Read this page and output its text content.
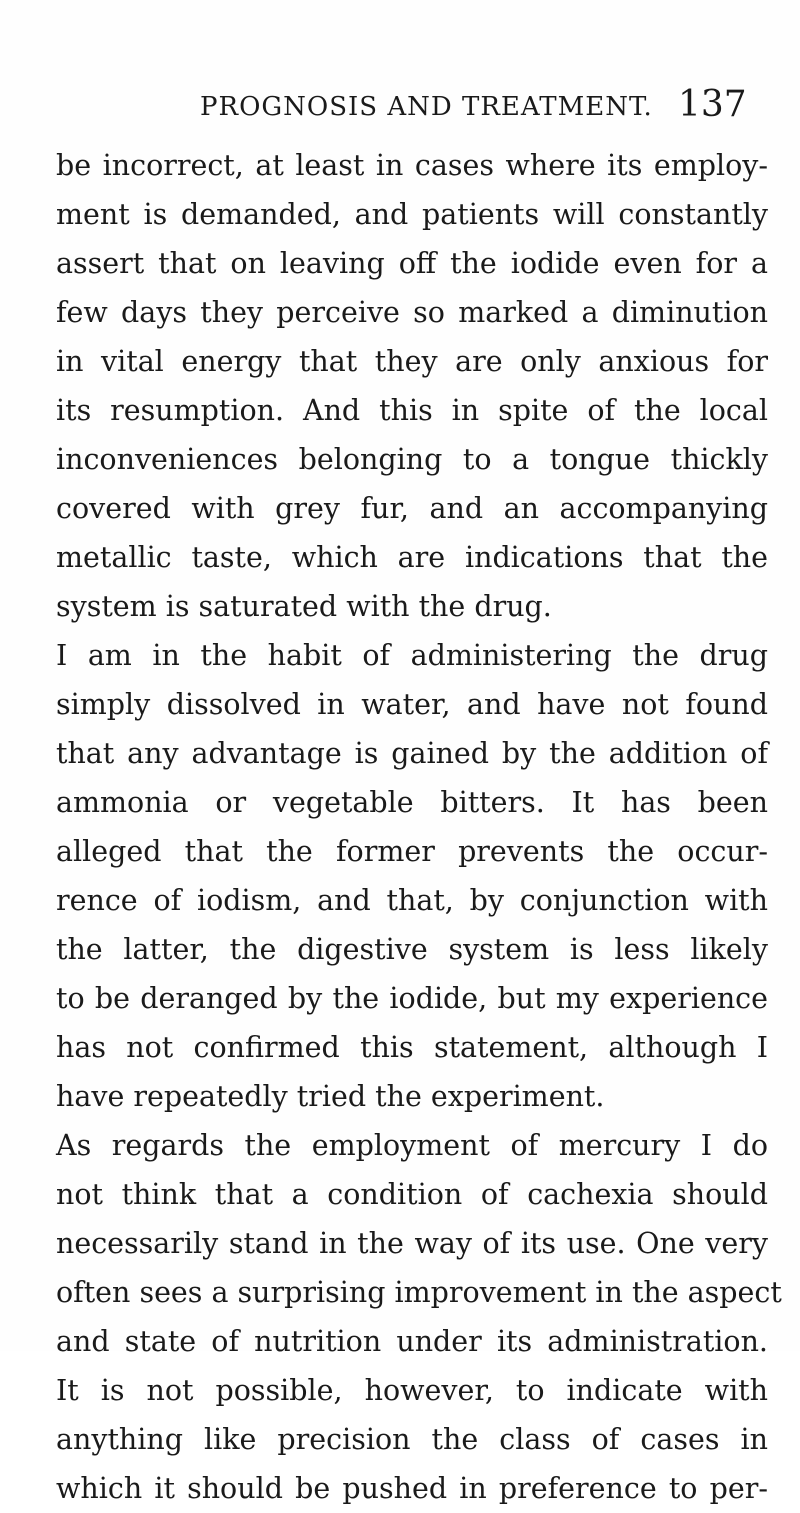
PROGNOSIS AND TREATMENT. 137
be incorrect, at least in cases where its employ-
ment is demanded, and patients will constantly
assert that on leaving off the iodide even for a
few days they perceive so marked a diminution
in vital energy that they are only anxious for
its resumption. And this in spite of the local
inconveniences belonging to a tongue thickly
covered with grey fur, and an accompanying
metallic taste, which are indications that the
system is saturated with the drug.
I am in the habit of administering the drug
simply dissolved in water, and have not found
that any advantage is gained by the addition of
ammonia or vegetable bitters. It has been
alleged that the former prevents the occur-
rence of iodism, and that, by conjunction with
the latter, the digestive system is less likely
to be deranged by the iodide, but my experience
has not confirmed this statement, although I
have repeatedly tried the experiment.
As regards the employment of mercury I do
not think that a condition of cachexia should
necessarily stand in the way of its use. One very
often sees a surprising improvement in the aspect
and state of nutrition under its administration.
It is not possible, however, to indicate with
anything like precision the class of cases in
which it should be pushed in preference to per-
